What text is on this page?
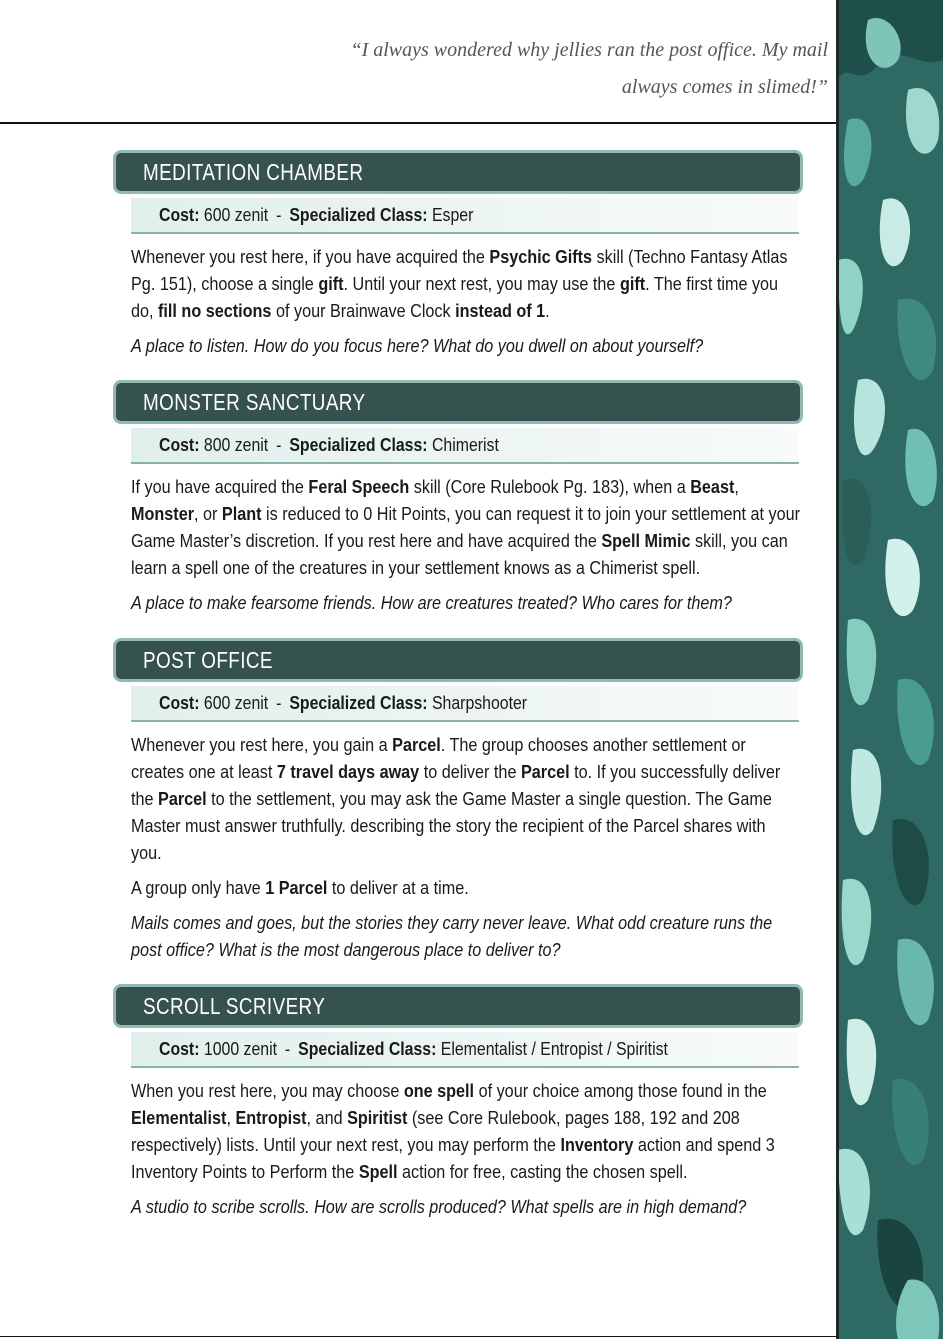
“I always wondered why jellies ran the post office. My mail
always comes in slimed!”
MEDITATION CHAMBER
Cost: 600 zenit - Specialized Class: Esper

Whenever you rest here, if you have acquired the Psychic Gifts skill (Techno Fantasy Atlas Pg. 151), choose a single gift. Until your next rest, you may use the gift. The first time you do, fill no sections of your Brainwave Clock instead of 1.

A place to listen. How do you focus here? What do you dwell on about yourself?

MONSTER SANCTUARY
Cost: 800 zenit - Specialized Class: Chimerist

If you have acquired the Feral Speech skill (Core Rulebook Pg. 183), when a Beast, Monster, or Plant is reduced to 0 Hit Points, you can request it to join your settlement at your Game Master’s discretion. If you rest here and have acquired the Spell Mimic skill, you can learn a spell one of the creatures in your settlement knows as a Chimerist spell.

A place to make fearsome friends. How are creatures treated? Who cares for them?

POST OFFICE
Cost: 600 zenit - Specialized Class: Sharpshooter

Whenever you rest here, you gain a Parcel. The group chooses another settlement or creates one at least 7 travel days away to deliver the Parcel to. If you successfully deliver the Parcel to the settlement, you may ask the Game Master a single question. The Game Master must answer truthfully. describing the story the recipient of the Parcel shares with you.

A group only have 1 Parcel to deliver at a time.

Mails comes and goes, but the stories they carry never leave. What odd creature runs the post office? What is the most dangerous place to deliver to?

SCROLL SCRIVERY
Cost: 1000 zenit - Specialized Class: Elementalist / Entropist / Spiritist

When you rest here, you may choose one spell of your choice among those found in the Elementalist, Entropist, and Spiritist (see Core Rulebook, pages 188, 192 and 208 respectively) lists. Until your next rest, you may perform the Inventory action and spend 3 Inventory Points to Perform the Spell action for free, casting the chosen spell.

A studio to scribe scrolls. How are scrolls produced? What spells are in high demand?
